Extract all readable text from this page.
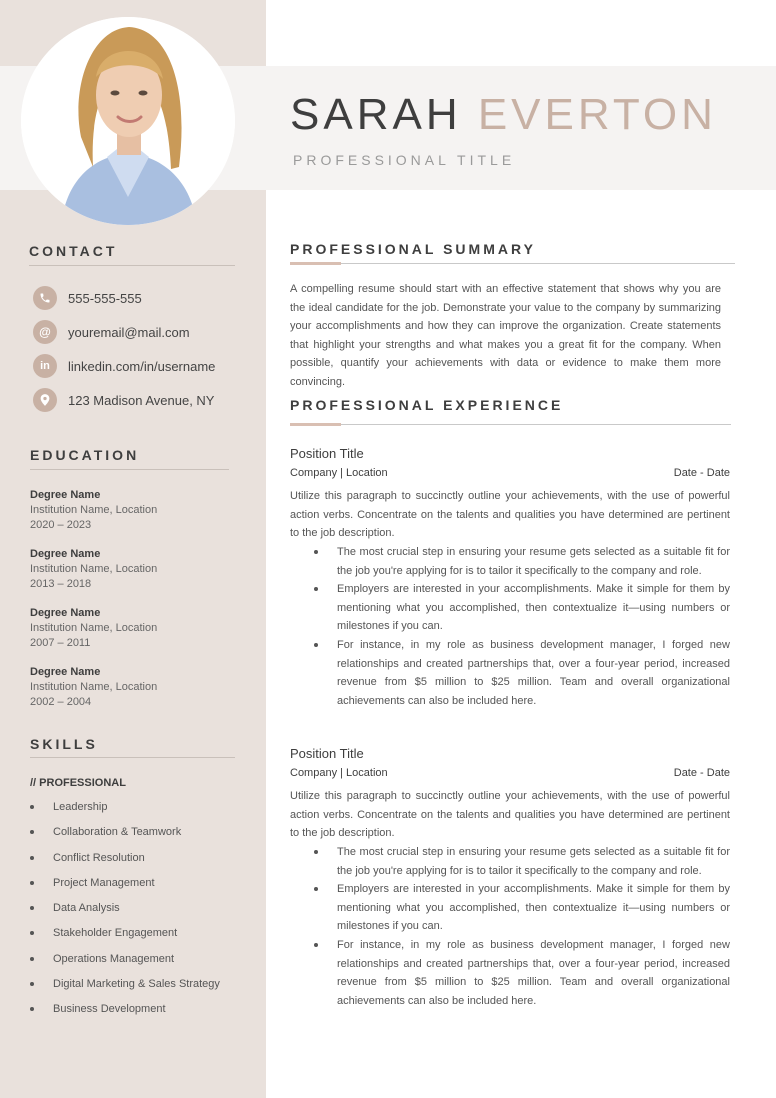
SARAH EVERTON
PROFESSIONAL TITLE
CONTACT
555-555-555
@ youremail@mail.com
in linkedin.com/in/username
123 Madison Avenue, NY
EDUCATION
Degree Name
Institution Name, Location
2020 – 2023
Degree Name
Institution Name, Location
2013 – 2018
Degree Name
Institution Name, Location
2007 – 2011
Degree Name
Institution Name, Location
2002 – 2004
SKILLS
// PROFESSIONAL
Leadership
Collaboration & Teamwork
Conflict Resolution
Project Management
Data Analysis
Stakeholder Engagement
Operations Management
Digital Marketing & Sales Strategy
Business Development
PROFESSIONAL SUMMARY
A compelling resume should start with an effective statement that shows why you are the ideal candidate for the job. Demonstrate your value to the company by summarizing your accomplishments and how they can improve the organization. Create statements that highlight your strengths and what makes you a great fit for the company. When possible, quantify your achievements with data or evidence to make them more convincing.
PROFESSIONAL EXPERIENCE
Position Title
Company | Location	Date - Date
Utilize this paragraph to succinctly outline your achievements, with the use of powerful action verbs. Concentrate on the talents and qualities you have determined are pertinent to the job description.
The most crucial step in ensuring your resume gets selected as a suitable fit for the job you're applying for is to tailor it specifically to the company and role.
Employers are interested in your accomplishments. Make it simple for them by mentioning what you accomplished, then contextualize it—using numbers or milestones if you can.
For instance, in my role as business development manager, I forged new relationships and created partnerships that, over a four-year period, increased revenue from $5 million to $25 million. Team and overall organizational achievements can also be included here.
Position Title
Company | Location	Date - Date
Utilize this paragraph to succinctly outline your achievements, with the use of powerful action verbs. Concentrate on the talents and qualities you have determined are pertinent to the job description.
The most crucial step in ensuring your resume gets selected as a suitable fit for the job you're applying for is to tailor it specifically to the company and role.
Employers are interested in your accomplishments. Make it simple for them by mentioning what you accomplished, then contextualize it—using numbers or milestones if you can.
For instance, in my role as business development manager, I forged new relationships and created partnerships that, over a four-year period, increased revenue from $5 million to $25 million. Team and overall organizational achievements can also be included here.
